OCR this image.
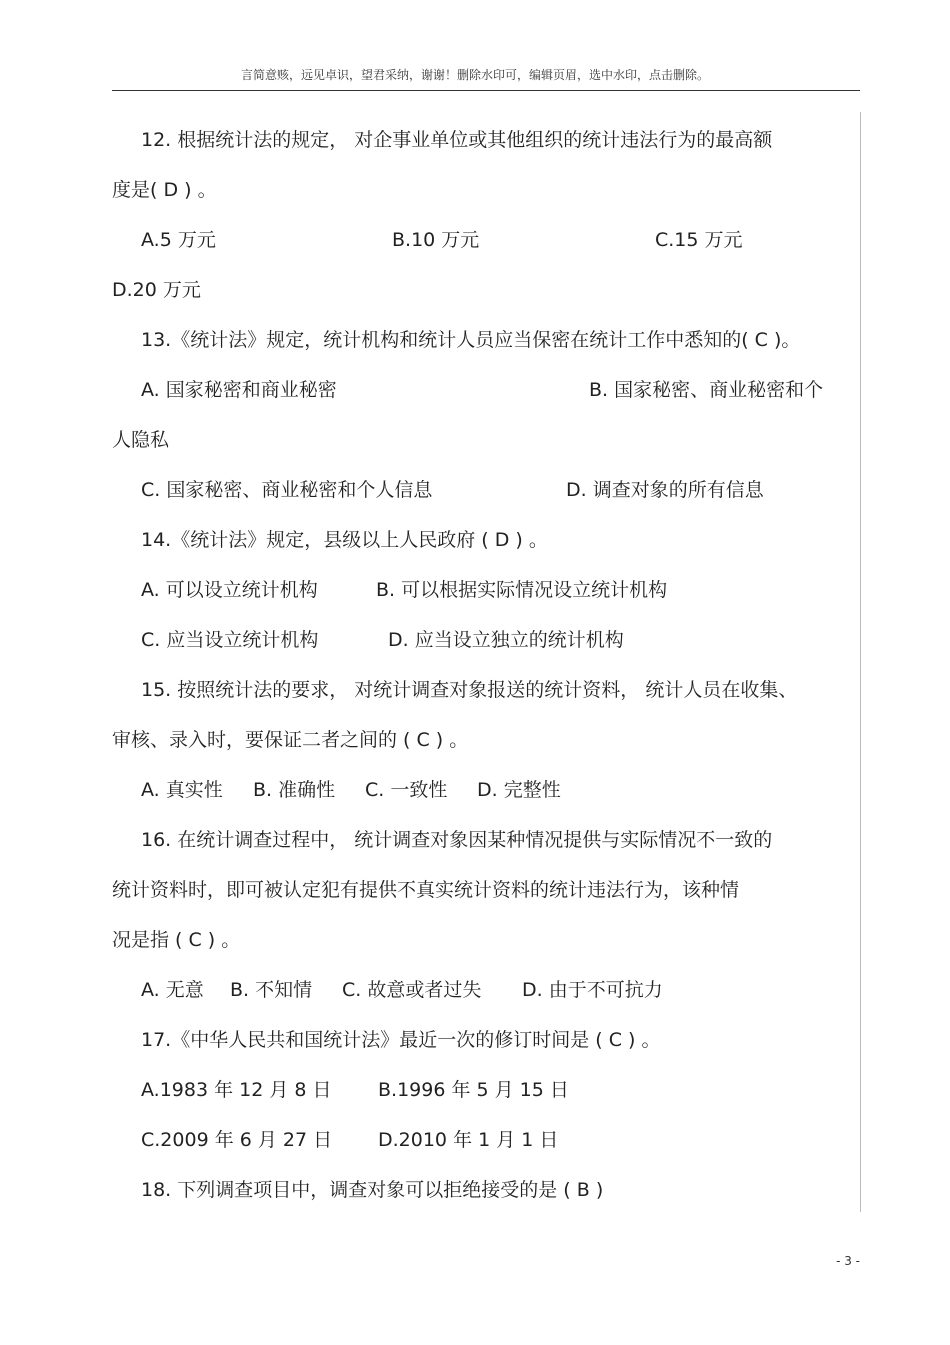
言简意赅，远见卓识，望君采纳，谢谢！删除水印可，编辑页眉，选中水印，点击删除。
12. 根据统计法的规定， 对企事业单位或其他组织的统计违法行为的最高额
度是( D ) 。
A.5 万元	B.10 万元	C.15 万元
D.20 万元
13.《统计法》规定，统计机构和统计人员应当保密在统计工作中悉知的( C )。
A. 国家秘密和商业秘密	B. 国家秘密、商业秘密和个
人隐私
C. 国家秘密、商业秘密和个人信息	D. 调查对象的所有信息
14.《统计法》规定，县级以上人民政府 ( D ) 。
A. 可以设立统计机构	B. 可以根据实际情况设立统计机构
C. 应当设立统计机构	D. 应当设立独立的统计机构
15. 按照统计法的要求， 对统计调查对象报送的统计资料， 统计人员在收集、
审核、录入时，要保证二者之间的 ( C ) 。
A. 真实性 B. 准确性 C. 一致性 D. 完整性
16. 在统计调查过程中， 统计调查对象因某种情况提供与实际情况不一致的
统计资料时，即可被认定犯有提供不真实统计资料的统计违法行为，该种情
况是指 ( C ) 。
A. 无意 B. 不知情 C. 故意或者过失 D. 由于不可抗力
17.《中华人民共和国统计法》最近一次的修订时间是 ( C ) 。
A.1983 年 12 月 8 日 B.1996 年 5 月 15 日
C.2009 年 6 月 27 日 D.2010 年 1 月 1 日
18. 下列调查项目中，调查对象可以拒绝接受的是 ( B )
- 3 -
